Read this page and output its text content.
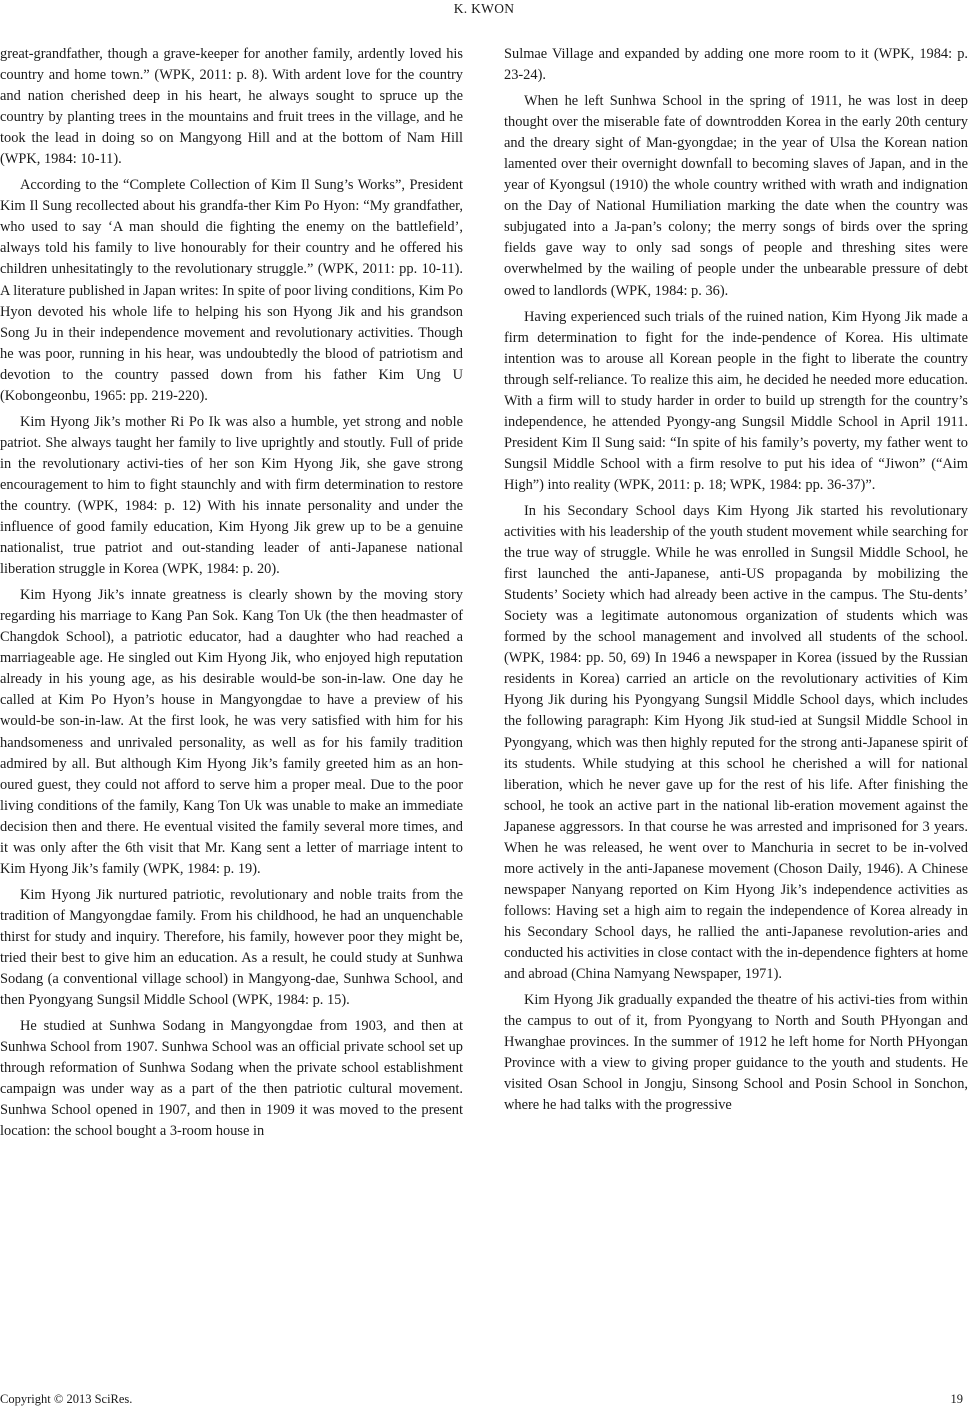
K. KWON

great-grandfather, though a grave-keeper for another family, ardently loved his country and home town.” (WPK, 2011: p. 8). With ardent love for the country and nation cherished deep in his heart, he always sought to spruce up the country by planting trees in the mountains and fruit trees in the village, and he took the lead in doing so on Mangyong Hill and at the bottom of Nam Hill (WPK, 1984: 10-11).

According to the “Complete Collection of Kim Il Sung’s Works”, President Kim Il Sung recollected about his grandfa-ther Kim Po Hyon: “My grandfather, who used to say ‘A man should die fighting the enemy on the battlefield’, always told his family to live honourably for their country and he offered his children unhesitatingly to the revolutionary struggle.” (WPK, 2011: pp. 10-11). A literature published in Japan writes: In spite of poor living conditions, Kim Po Hyon devoted his whole life to helping his son Hyong Jik and his grandson Song Ju in their independence movement and revolutionary activities. Though he was poor, running in his hear, was undoubtedly the blood of patriotism and devotion to the country passed down from his father Kim Ung U (Kobongeonbu, 1965: pp. 219-220).

Kim Hyong Jik’s mother Ri Po Ik was also a humble, yet strong and noble patriot. She always taught her family to live uprightly and stoutly. Full of pride in the revolutionary activi-ties of her son Kim Hyong Jik, she gave strong encouragement to him to fight staunchly and with firm determination to restore the country. (WPK, 1984: p. 12) With his innate personality and under the influence of good family education, Kim Hyong Jik grew up to be a genuine nationalist, true patriot and out-standing leader of anti-Japanese national liberation struggle in Korea (WPK, 1984: p. 20).

Kim Hyong Jik’s innate greatness is clearly shown by the moving story regarding his marriage to Kang Pan Sok. Kang Ton Uk (the then headmaster of Changdok School), a patriotic educator, had a daughter who had reached a marriageable age. He singled out Kim Hyong Jik, who enjoyed high reputation already in his young age, as his desirable would-be son-in-law. One day he called at Kim Po Hyon’s house in Mangyongdae to have a preview of his would-be son-in-law. At the first look, he was very satisfied with him for his handsomeness and unrivaled personality, as well as for his family tradition admired by all. But although Kim Hyong Jik’s family greeted him as an hon-oured guest, they could not afford to serve him a proper meal. Due to the poor living conditions of the family, Kang Ton Uk was unable to make an immediate decision then and there. He eventual visited the family several more times, and it was only after the 6th visit that Mr. Kang sent a letter of marriage intent to Kim Hyong Jik’s family (WPK, 1984: p. 19).

Kim Hyong Jik nurtured patriotic, revolutionary and noble traits from the tradition of Mangyongdae family. From his childhood, he had an unquenchable thirst for study and inquiry. Therefore, his family, however poor they might be, tried their best to give him an education. As a result, he could study at Sunhwa Sodang (a conventional village school) in Mangyong-dae, Sunhwa School, and then Pyongyang Sungsil Middle School (WPK, 1984: p. 15).

He studied at Sunhwa Sodang in Mangyongdae from 1903, and then at Sunhwa School from 1907. Sunhwa School was an official private school set up through reformation of Sunhwa Sodang when the private school establishment campaign was under way as a part of the then patriotic cultural movement. Sunhwa School opened in 1907, and then in 1909 it was moved to the present location: the school bought a 3-room house in

Sulmae Village and expanded by adding one more room to it (WPK, 1984: p. 23-24).

When he left Sunhwa School in the spring of 1911, he was lost in deep thought over the miserable fate of downtrodden Korea in the early 20th century and the dreary sight of Man-gyongdae; in the year of Ulsa the Korean nation lamented over their overnight downfall to becoming slaves of Japan, and in the year of Kyongsul (1910) the whole country writhed with wrath and indignation on the Day of National Humiliation marking the date when the country was subjugated into a Ja-pan’s colony; the merry songs of birds over the spring fields gave way to only sad songs of people and threshing sites were overwhelmed by the wailing of people under the unbearable pressure of debt owed to landlords (WPK, 1984: p. 36).

Having experienced such trials of the ruined nation, Kim Hyong Jik made a firm determination to fight for the inde-pendence of Korea. His ultimate intention was to arouse all Korean people in the fight to liberate the country through self-reliance. To realize this aim, he decided he needed more education. With a firm will to study harder in order to build up strength for the country’s independence, he attended Pyongy-ang Sungsil Middle School in April 1911. President Kim Il Sung said: “In spite of his family’s poverty, my father went to Sungsil Middle School with a firm resolve to put his idea of “Jiwon” (“Aim High”) into reality (WPK, 2011: p. 18; WPK, 1984: pp. 36-37)”.

In his Secondary School days Kim Hyong Jik started his revolutionary activities with his leadership of the youth student movement while searching for the true way of struggle. While he was enrolled in Sungsil Middle School, he first launched the anti-Japanese, anti-US propaganda by mobilizing the Students’ Society which had already been active in the campus. The Stu-dents’ Society was a legitimate autonomous organization of students which was formed by the school management and involved all students of the school. (WPK, 1984: pp. 50, 69) In 1946 a newspaper in Korea (issued by the Russian residents in Korea) carried an article on the revolutionary activities of Kim Hyong Jik during his Pyongyang Sungsil Middle School days, which includes the following paragraph: Kim Hyong Jik stud-ied at Sungsil Middle School in Pyongyang, which was then highly reputed for the strong anti-Japanese spirit of its students. While studying at this school he cherished a will for national liberation, which he never gave up for the rest of his life. After finishing the school, he took an active part in the national lib-eration movement against the Japanese aggressors. In that course he was arrested and imprisoned for 3 years. When he was released, he went over to Manchuria in secret to be in-volved more actively in the anti-Japanese movement (Choson Daily, 1946). A Chinese newspaper Nanyang reported on Kim Hyong Jik’s independence activities as follows: Having set a high aim to regain the independence of Korea already in his Secondary School days, he rallied the anti-Japanese revolution-aries and conducted his activities in close contact with the in-dependence fighters at home and abroad (China Namyang Newspaper, 1971).

Kim Hyong Jik gradually expanded the theatre of his activi-ties from within the campus to out of it, from Pyongyang to North and South PHyongan and Hwanghae provinces. In the summer of 1912 he left home for North PHyongan Province with a view to giving proper guidance to the youth and students. He visited Osan School in Jongju, Sinsong School and Posin School in Sonchon, where he had talks with the progressive

Copyright © 2013 SciRes.	19
